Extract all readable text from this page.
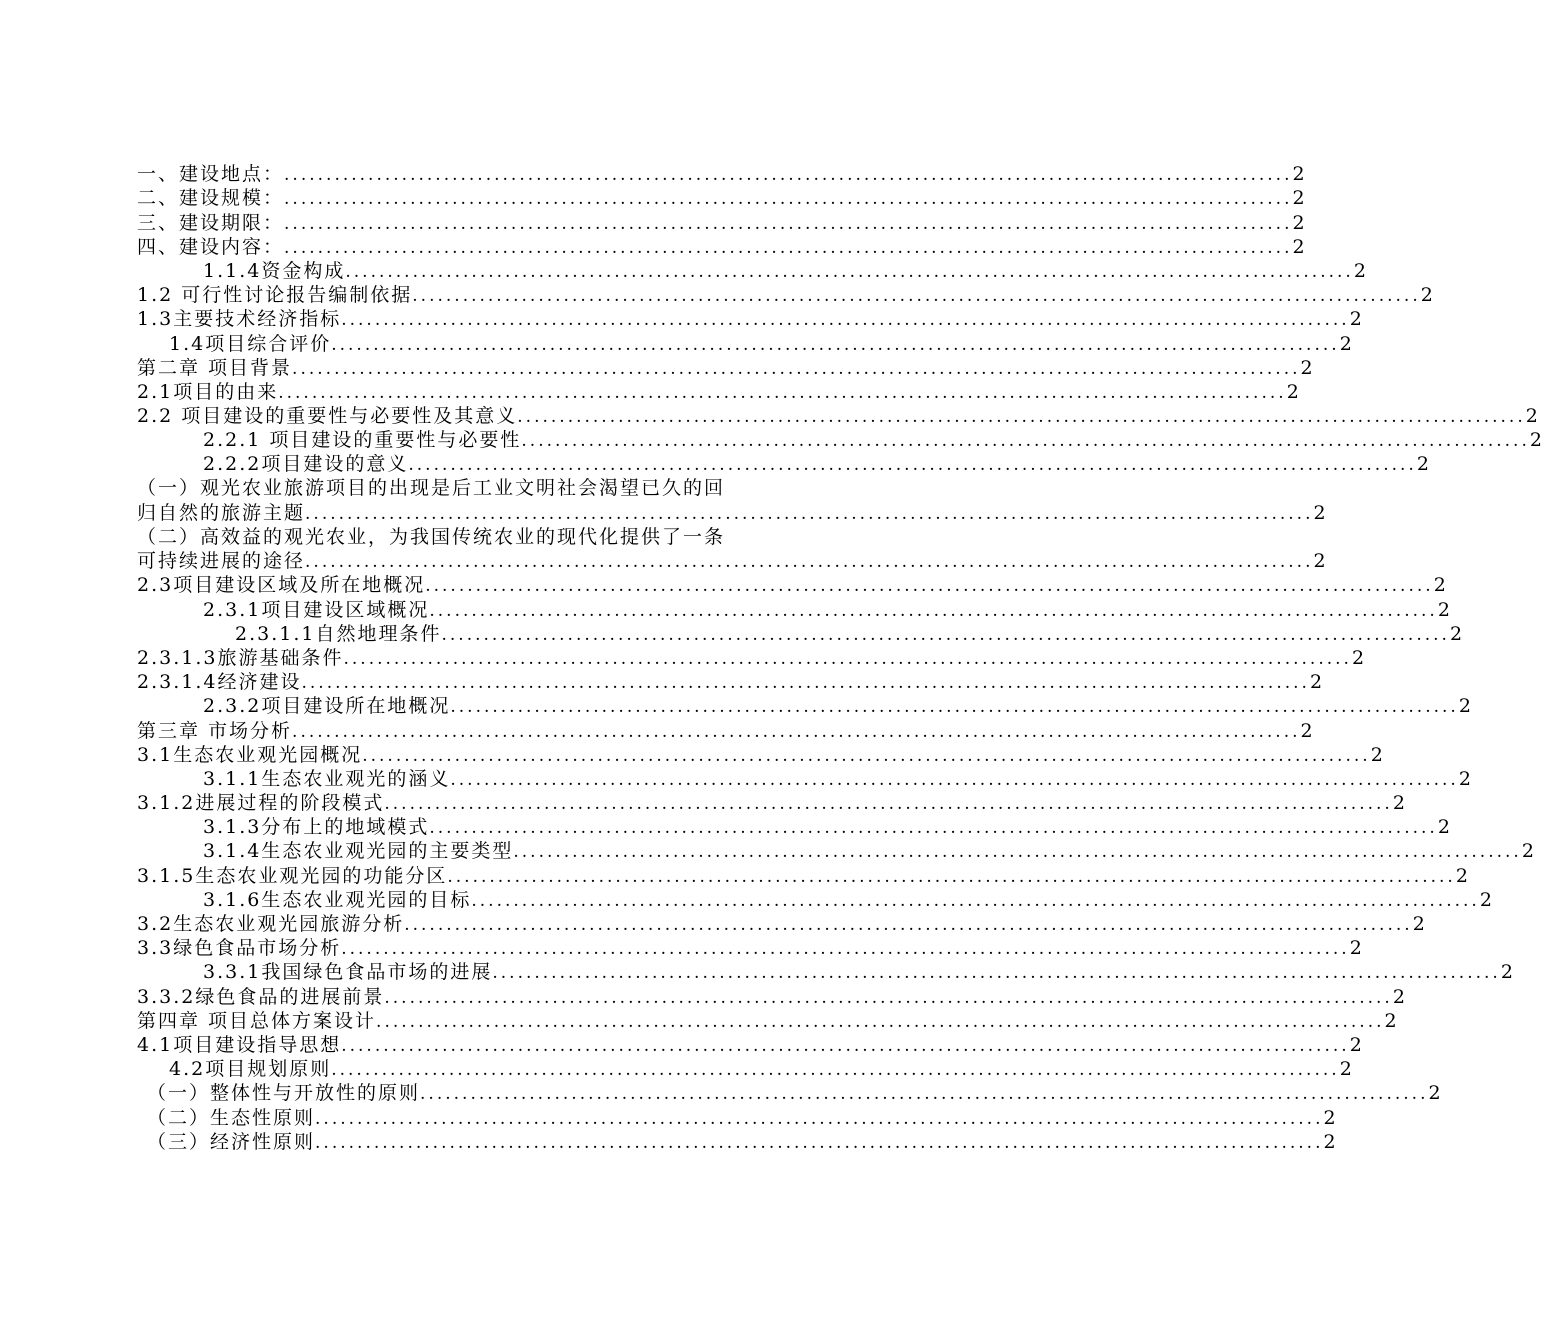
一、建设地点： ........................................................................................................................ 2
二、建设规模： ........................................................................................................................ 2
三、建设期限： ........................................................................................................................ 2
四、建设内容： ........................................................................................................................ 2
1.1.4资金构成 ........................................................................................................................ 2
1.2 可行性讨论报告编制依据 ........................................................................................................................ 2
1.3主要技术经济指标 ........................................................................................................................ 2
1.4项目综合评价 ........................................................................................................................ 2
第二章 项目背景 ........................................................................................................................ 2
2.1项目的由来 ........................................................................................................................ 2
2.2 项目建设的重要性与必要性及其意义 ........................................................................................................................ 2
2.2.1 项目建设的重要性与必要性 ........................................................................................................................ 2
2.2.2项目建设的意义 ........................................................................................................................ 2
（一）观光农业旅游项目的出现是后工业文明社会渴望已久的回
归自然的旅游主题 ........................................................................................................................ 2
（二）高效益的观光农业，为我国传统农业的现代化提供了一条
可持续进展的途径 ........................................................................................................................ 2
2.3项目建设区域及所在地概况 ........................................................................................................................ 2
2.3.1项目建设区域概况 ........................................................................................................................ 2
2.3.1.1自然地理条件 ........................................................................................................................ 2
2.3.1.3旅游基础条件 ........................................................................................................................ 2
2.3.1.4经济建设 ........................................................................................................................ 2
2.3.2项目建设所在地概况 ........................................................................................................................ 2
第三章 市场分析 ........................................................................................................................ 2
3.1生态农业观光园概况 ........................................................................................................................ 2
3.1.1生态农业观光的涵义 ........................................................................................................................ 2
3.1.2进展过程的阶段模式 ........................................................................................................................ 2
3.1.3分布上的地域模式 ........................................................................................................................ 2
3.1.4生态农业观光园的主要类型 ........................................................................................................................ 2
3.1.5生态农业观光园的功能分区 ........................................................................................................................ 2
3.1.6生态农业观光园的目标 ........................................................................................................................ 2
3.2生态农业观光园旅游分析 ........................................................................................................................ 2
3.3绿色食品市场分析 ........................................................................................................................ 2
3.3.1我国绿色食品市场的进展 ........................................................................................................................ 2
3.3.2绿色食品的进展前景 ........................................................................................................................ 2
第四章 项目总体方案设计 ........................................................................................................................ 2
4.1项目建设指导思想 ........................................................................................................................ 2
4.2项目规划原则 ........................................................................................................................ 2
（一）整体性与开放性的原则 ........................................................................................................................ 2
（二）生态性原则 ........................................................................................................................ 2
（三）经济性原则 ........................................................................................................................ 2
